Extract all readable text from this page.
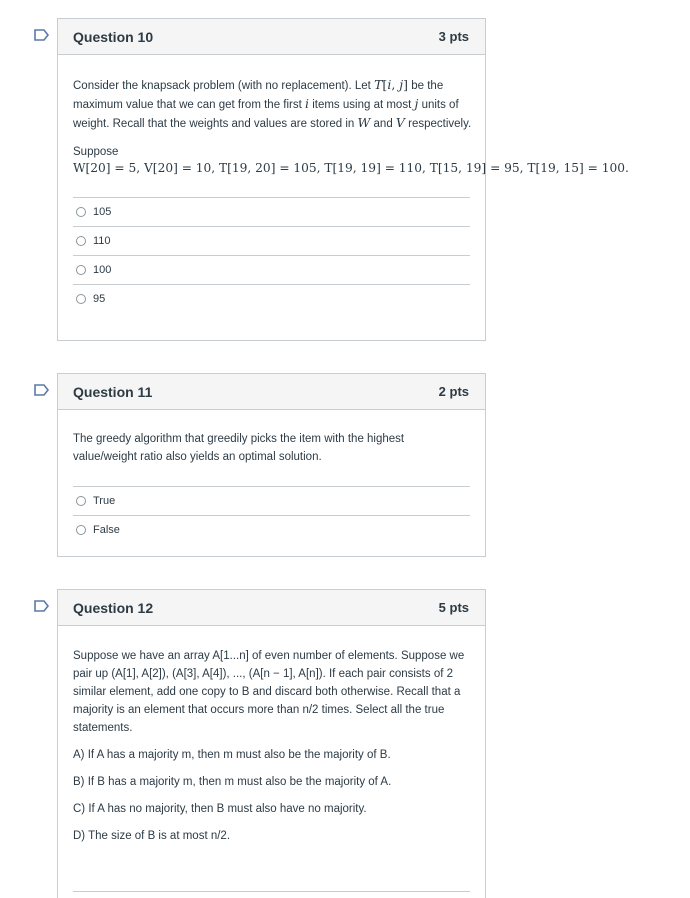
Question 10	3 pts
Consider the knapsack problem (with no replacement). Let T[i, j] be the maximum value that we can get from the first i items using at most j units of weight. Recall that the weights and values are stored in W and V respectively.
Suppose
W[20] = 5, V[20] = 10, T[19, 20] = 105, T[19, 19] = 110, T[15, 19] = 95, T[19, 15] = 100.
105
110
100
95
Question 11	2 pts
The greedy algorithm that greedily picks the item with the highest value/weight ratio also yields an optimal solution.
True
False
Question 12	5 pts
Suppose we have an array A[1...n] of even number of elements. Suppose we pair up (A[1], A[2]), (A[3], A[4]), ..., (A[n − 1], A[n]). If each pair consists of 2 similar element, add one copy to B and discard both otherwise. Recall that a majority is an element that occurs more than n/2 times. Select all the true statements.
A) If A has a majority m, then m must also be the majority of B.
B) If B has a majority m, then m must also be the majority of A.
C) If A has no majority, then B must also have no majority.
D) The size of B is at most n/2.
